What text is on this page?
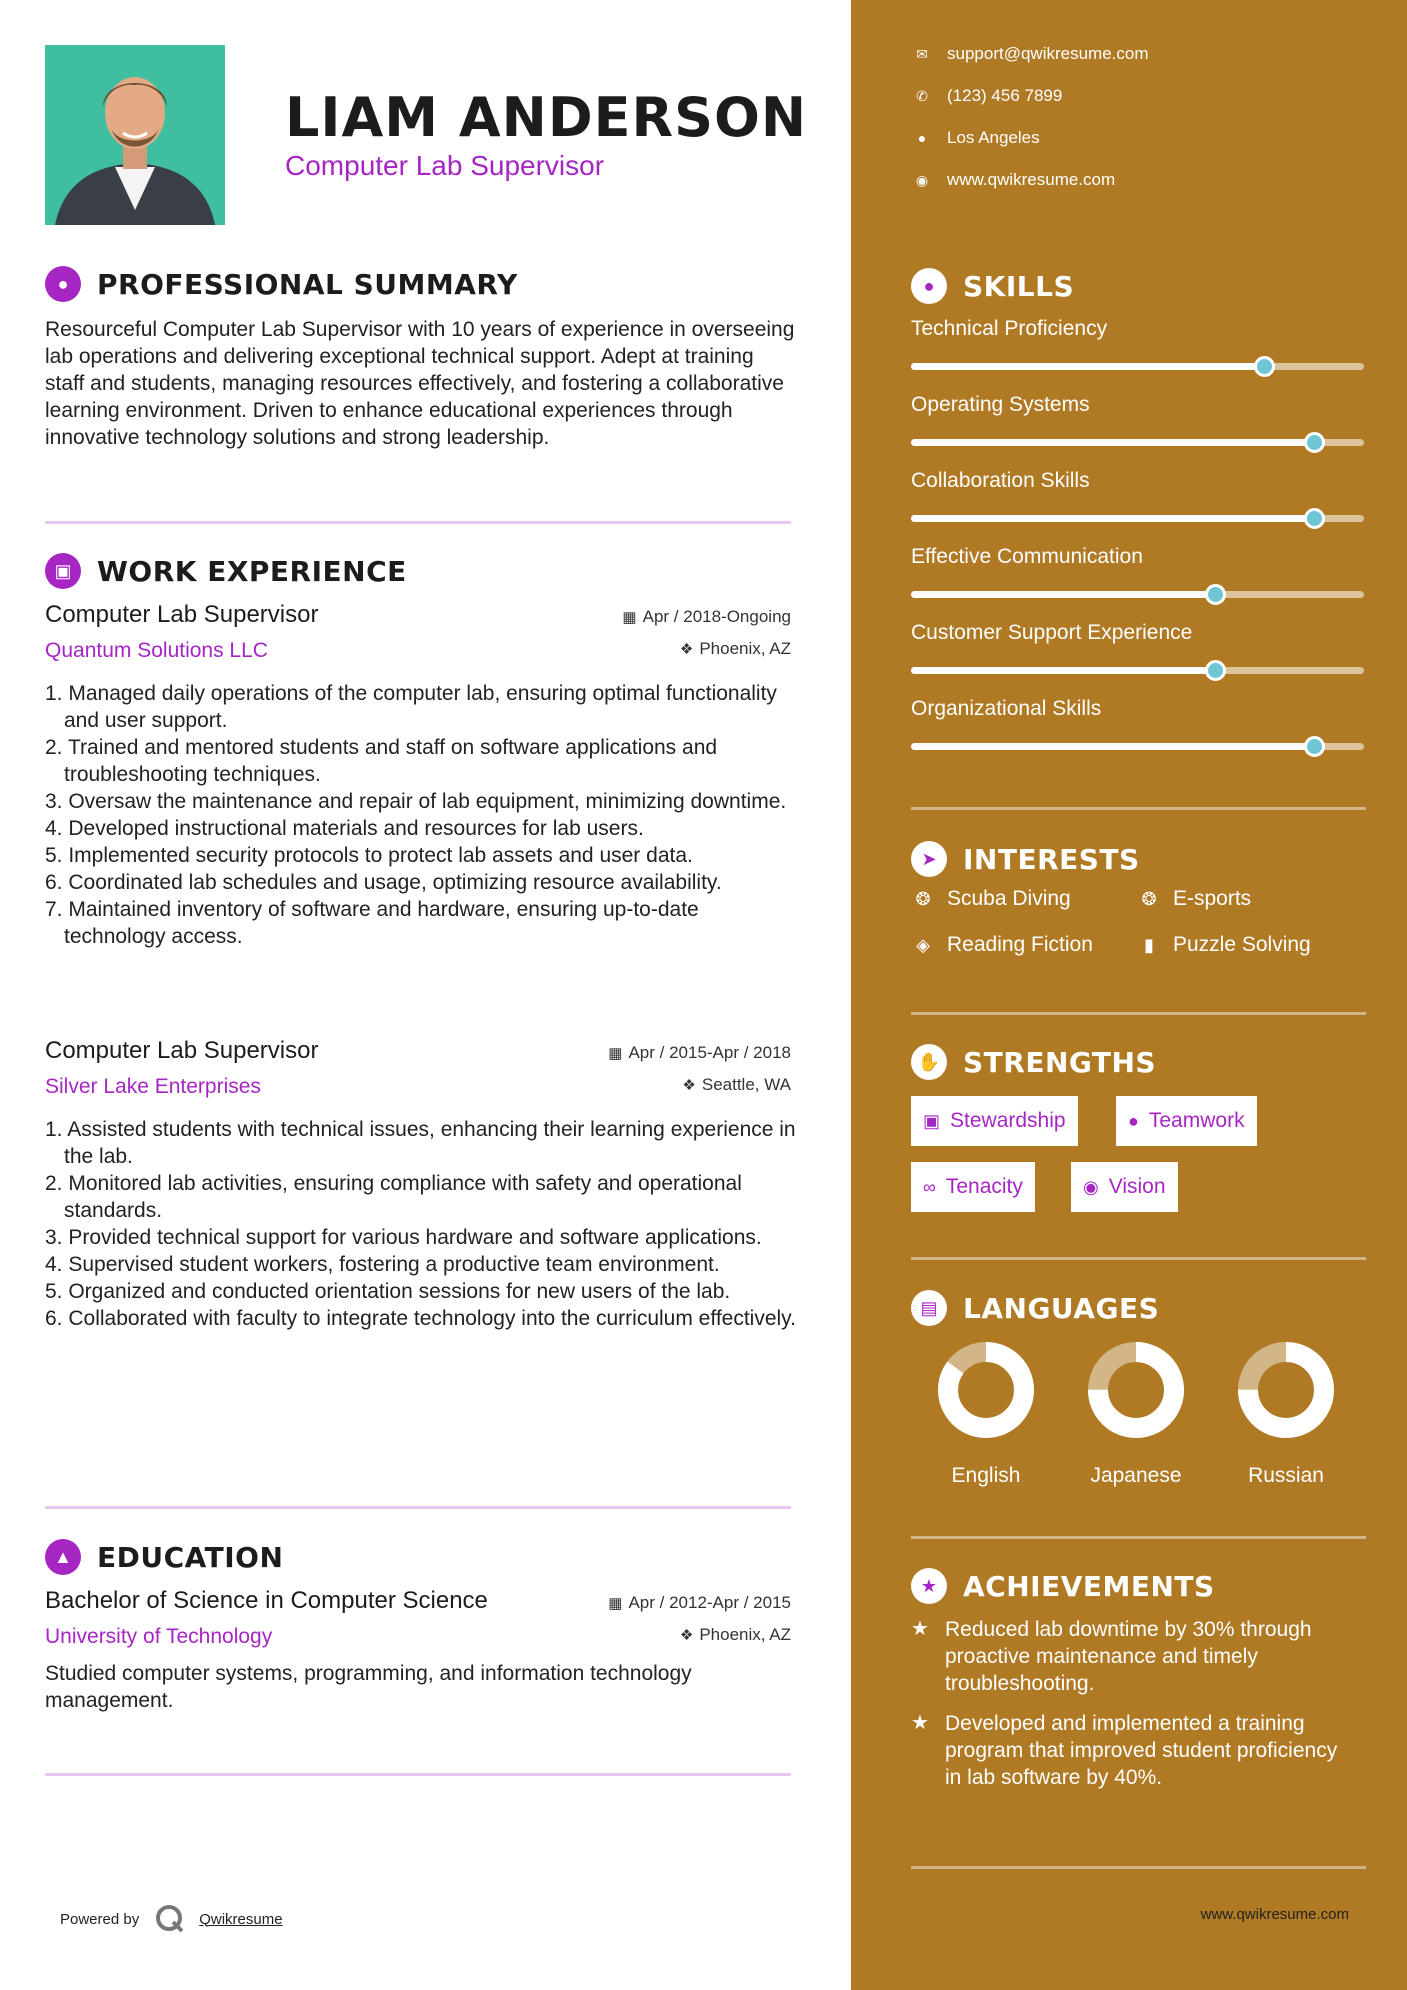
LIAM ANDERSON
Computer Lab Supervisor
●	PROFESSIONAL SUMMARY
Resourceful Computer Lab Supervisor with 10 years of experience in overseeing lab operations and delivering exceptional technical support. Adept at training staff and students, managing resources effectively, and fostering a collaborative learning environment. Driven to enhance educational experiences through innovative technology solutions and strong leadership.
▣ WORK EXPERIENCE
Computer Lab Supervisor
Quantum Solutions LLC
▦ Apr / 2018-Ongoing
❖ Phoenix, AZ
1. Managed daily operations of the computer lab, ensuring optimal functionality and user support.
2. Trained and mentored students and staff on software applications and troubleshooting techniques.
3. Oversaw the maintenance and repair of lab equipment, minimizing downtime.
4. Developed instructional materials and resources for lab users.
5. Implemented security protocols to protect lab assets and user data.
6. Coordinated lab schedules and usage, optimizing resource availability.
7. Maintained inventory of software and hardware, ensuring up-to-date technology access.
Computer Lab Supervisor
Silver Lake Enterprises
▦ Apr / 2015-Apr / 2018
❖ Seattle, WA
1. Assisted students with technical issues, enhancing their learning experience in the lab.
2. Monitored lab activities, ensuring compliance with safety and operational standards.
3. Provided technical support for various hardware and software applications.
4. Supervised student workers, fostering a productive team environment.
5. Organized and conducted orientation sessions for new users of the lab.
6. Collaborated with faculty to integrate technology into the curriculum effectively.
▲ EDUCATION
Bachelor of Science in Computer Science
University of Technology
▦ Apr / 2012-Apr / 2015
❖ Phoenix, AZ
Studied computer systems, programming, and information technology management.
Powered by	Qwikresume
✉	support@qwikresume.com
✆	(123) 456 7899
●	Los Angeles
◉ www.qwikresume.com
●	SKILLS
Technical Proficiency
Operating Systems
Collaboration Skills
Effective Communication
Customer Support Experience
Organizational Skills
➤ INTERESTS
❂ Scuba Diving	❂ E-sports
◈ Reading Fiction	▮ Puzzle Solving
✋ STRENGTHS
▣ Stewardship	● Teamwork
∞ Tenacity	◉ Vision
▤ LANGUAGES
English	Japanese	Russian
★ ACHIEVEMENTS
★ Reduced lab downtime by 30% through proactive maintenance and timely troubleshooting.
★ Developed and implemented a training program that improved student proficiency in lab software by 40%.
www.qwikresume.com
